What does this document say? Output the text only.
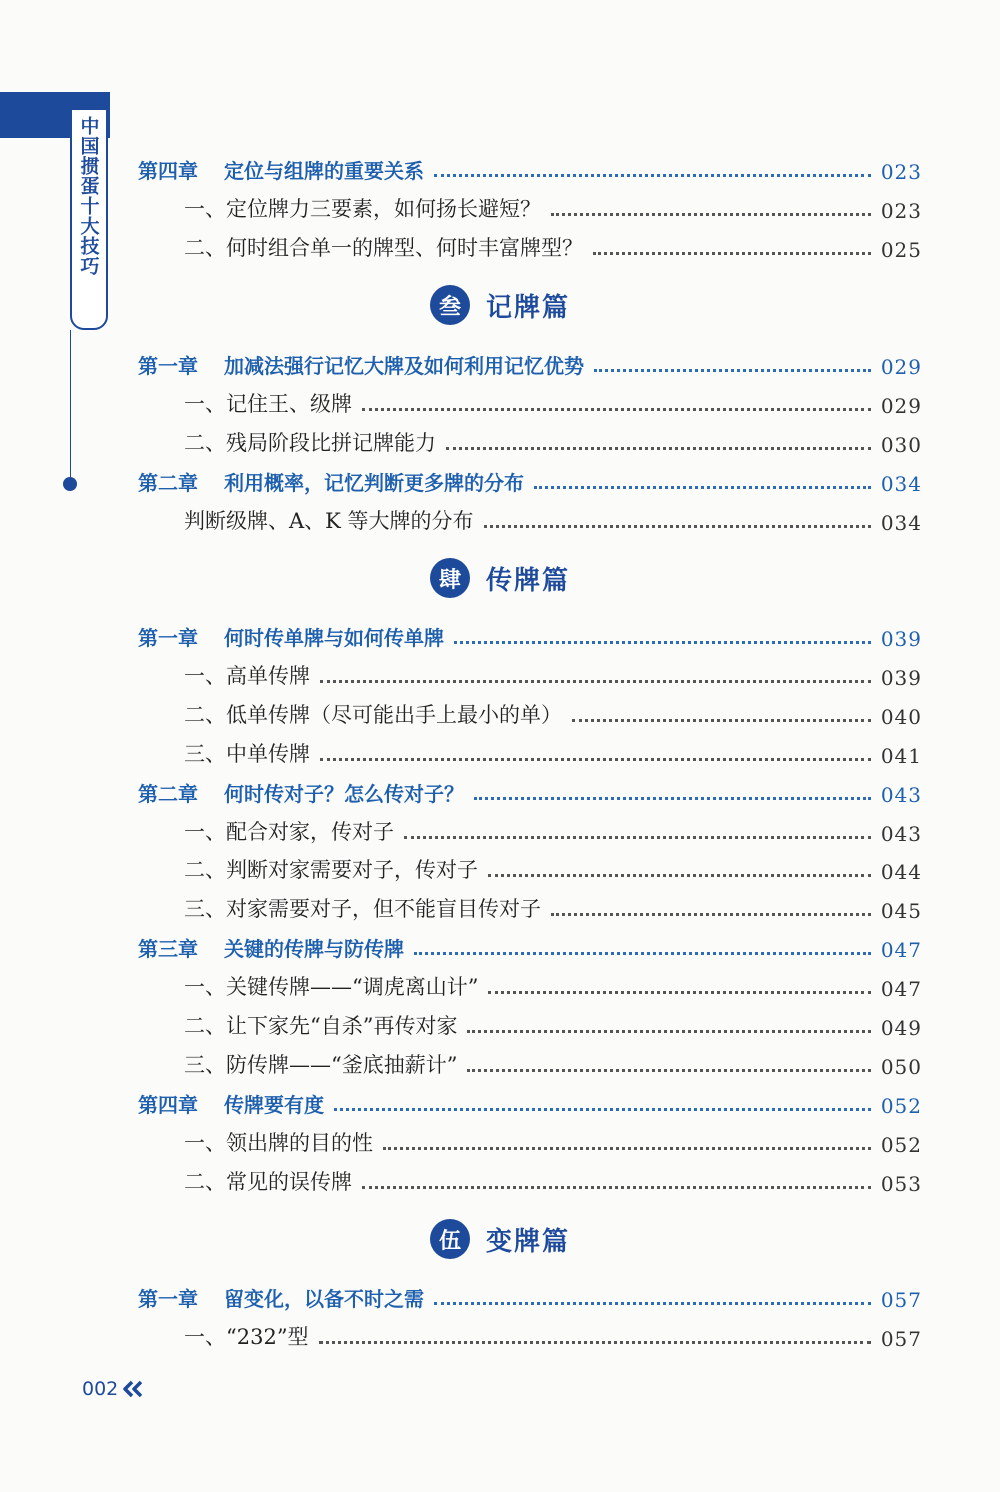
中国掼蛋十大技巧 第四章 定位与组牌的重要关系	023
一、定位牌力三要素，如何扬长避短？	023
二、何时组合单一的牌型、何时丰富牌型？	025
叁 记牌篇
第一章 加减法强行记忆大牌及如何利用记忆优势	029
一、记住王、级牌	029
二、残局阶段比拼记牌能力	030
第二章 利用概率，记忆判断更多牌的分布	034
判断级牌、A、K 等大牌的分布	034
肆 传牌篇
第一章 何时传单牌与如何传单牌	039
一、高单传牌	039
二、低单传牌（尽可能出手上最小的单）	040
三、中单传牌	041
第二章 何时传对子？怎么传对子？	043
一、配合对家，传对子	043
二、判断对家需要对子，传对子	044
三、对家需要对子，但不能盲目传对子	045
第三章 关键的传牌与防传牌	047
一、关键传牌——“调虎离山计”	047
二、让下家先“自杀”再传对家	049
三、防传牌——“釜底抽薪计”	050
第四章 传牌要有度	052
一、领出牌的目的性	052
二、常见的误传牌	053
伍 变牌篇
第一章 留变化，以备不时之需	057
一、“232”型	057
002
